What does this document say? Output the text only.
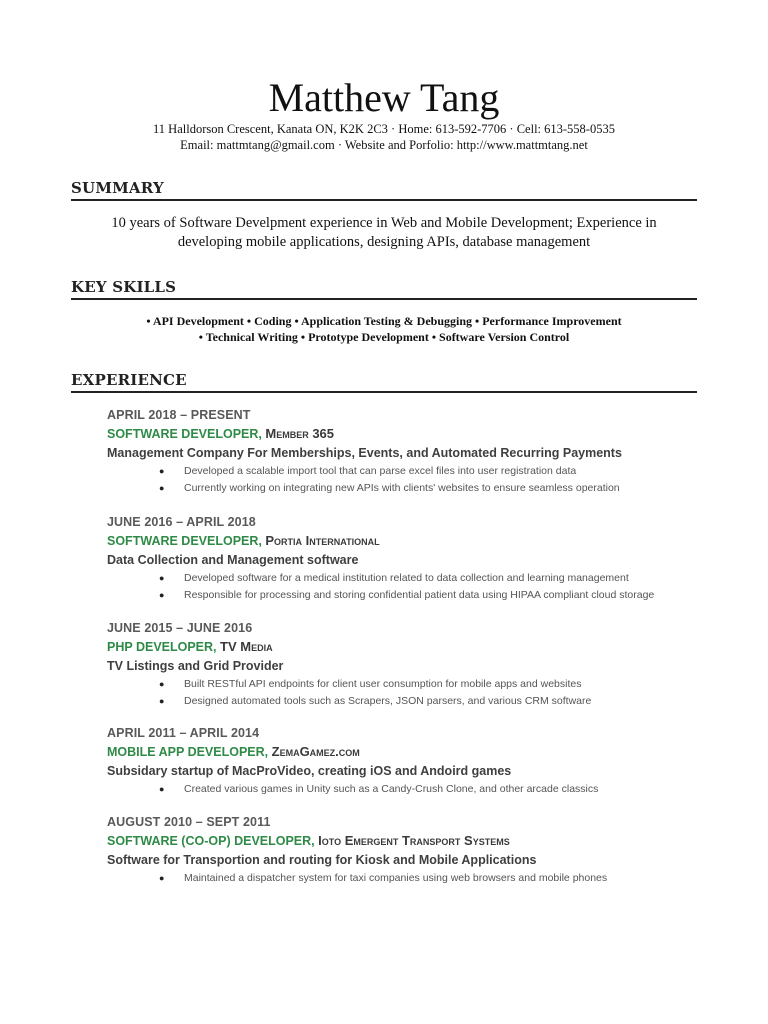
Matthew Tang
11 Halldorson Crescent, Kanata ON, K2K 2C3 · Home: 613-592-7706 · Cell: 613-558-0535
Email: mattmtang@gmail.com · Website and Porfolio: http://www.mattmtang.net
SUMMARY
10 years of Software Develpment experience in Web and Mobile Development; Experience in
developing mobile applications, designing APIs, database management
KEY SKILLS
• API Development • Coding • Application Testing & Debugging • Performance Improvement
• Technical Writing • Prototype Development • Software Version Control
EXPERIENCE
APRIL 2018 – PRESENT
SOFTWARE DEVELOPER, Member 365
Management Company For Memberships, Events, and Automated Recurring Payments
● Developed a scalable import tool that can parse excel files into user registration data
● Currently working on integrating new APIs with clients' websites to ensure seamless operation
JUNE 2016 – APRIL 2018
SOFTWARE DEVELOPER, Portia International
Data Collection and Management software
● Developed software for a medical institution related to data collection and learning management
● Responsible for processing and storing confidential patient data using HIPAA compliant cloud storage
JUNE 2015 – JUNE 2016
PHP DEVELOPER, TV Media
TV Listings and Grid Provider
● Built RESTful API endpoints for client user consumption for mobile apps and websites
● Designed automated tools such as Scrapers, JSON parsers, and various CRM software
APRIL 2011 – APRIL 2014
MOBILE APP DEVELOPER, ZemaGamez.com
Subsidary startup of MacProVideo, creating iOS and Andoird games
● Created various games in Unity such as a Candy-Crush Clone, and other arcade classics
AUGUST 2010 – SEPT 2011
SOFTWARE (CO-OP) DEVELOPER, Ioto Emergent Transport Systems
Software for Transportion and routing for Kiosk and Mobile Applications
● Maintained a dispatcher system for taxi companies using web browsers and mobile phones
